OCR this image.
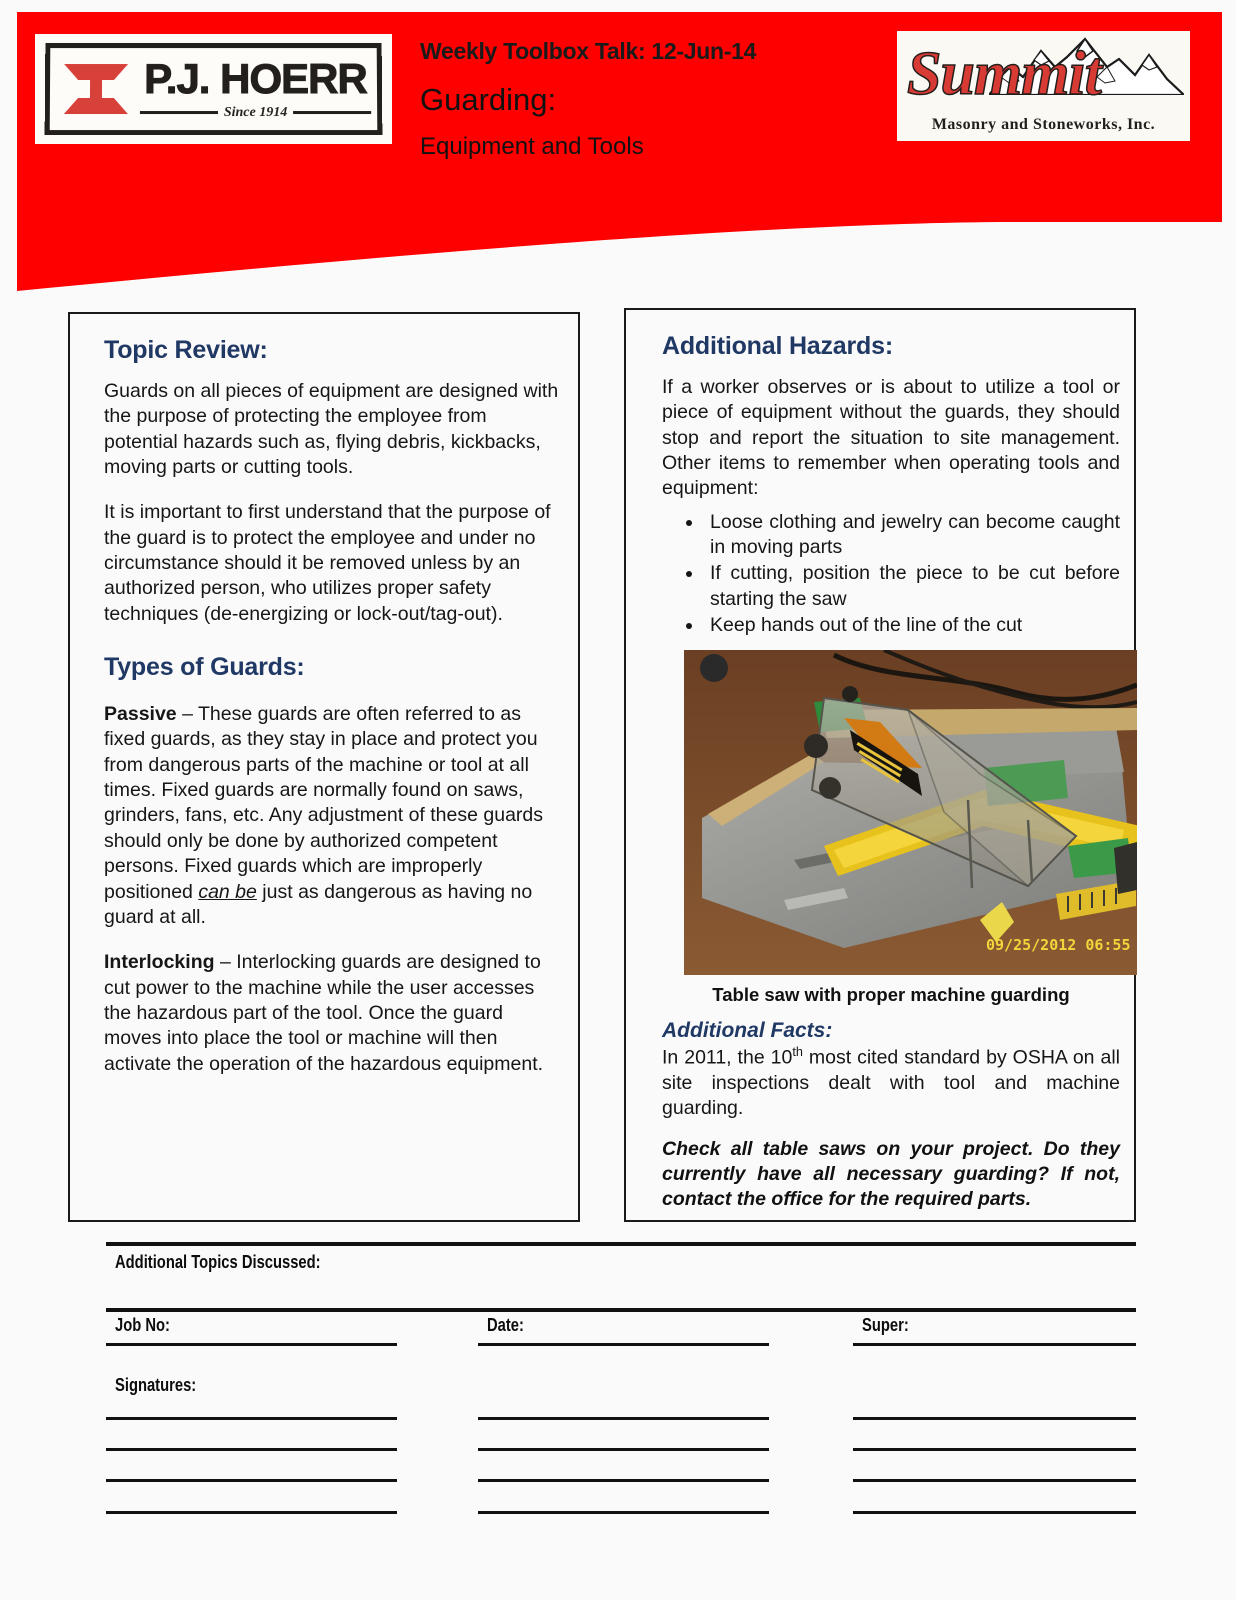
P.J. HOERR
Since 1914
Summit
Masonry and Stoneworks, Inc.
Weekly Toolbox Talk: 12-Jun-14
Guarding:
Equipment and Tools
Topic Review:

Guards on all pieces of equipment are designed with the purpose of protecting the employee from potential hazards such as, flying debris, kickbacks, moving parts or cutting tools.

It is important to first understand that the purpose of the guard is to protect the employee and under no circumstance should it be removed unless by an authorized person, who utilizes proper safety techniques (de-energizing or lock-out/tag-out).

Types of Guards:

Passive – These guards are often referred to as fixed guards, as they stay in place and protect you from dangerous parts of the machine or tool at all times. Fixed guards are normally found on saws, grinders, fans, etc. Any adjustment of these guards should only be done by authorized competent persons. Fixed guards which are improperly positioned can be just as dangerous as having no guard at all.

Interlocking – Interlocking guards are designed to cut power to the machine while the user accesses the hazardous part of the tool. Once the guard moves into place the tool or machine will then activate the operation of the hazardous equipment.

Additional Hazards:

If a worker observes or is about to utilize a tool or piece of equipment without the guards, they should stop and report the situation to site management. Other items to remember when operating tools and equipment:

• Loose clothing and jewelry can become caught in moving parts
• If cutting, position the piece to be cut before starting the saw
• Keep hands out of the line of the cut
09/25/2012 06:55
Table saw with proper machine guarding
Additional Facts:

In 2011, the 10th most cited standard by OSHA on all site inspections dealt with tool and machine guarding.

Check all table saws on your project. Do they currently have all necessary guarding? If not, contact the office for the required parts.

Additional Topics Discussed:
Job No:	Date:	Super:
Signatures:
